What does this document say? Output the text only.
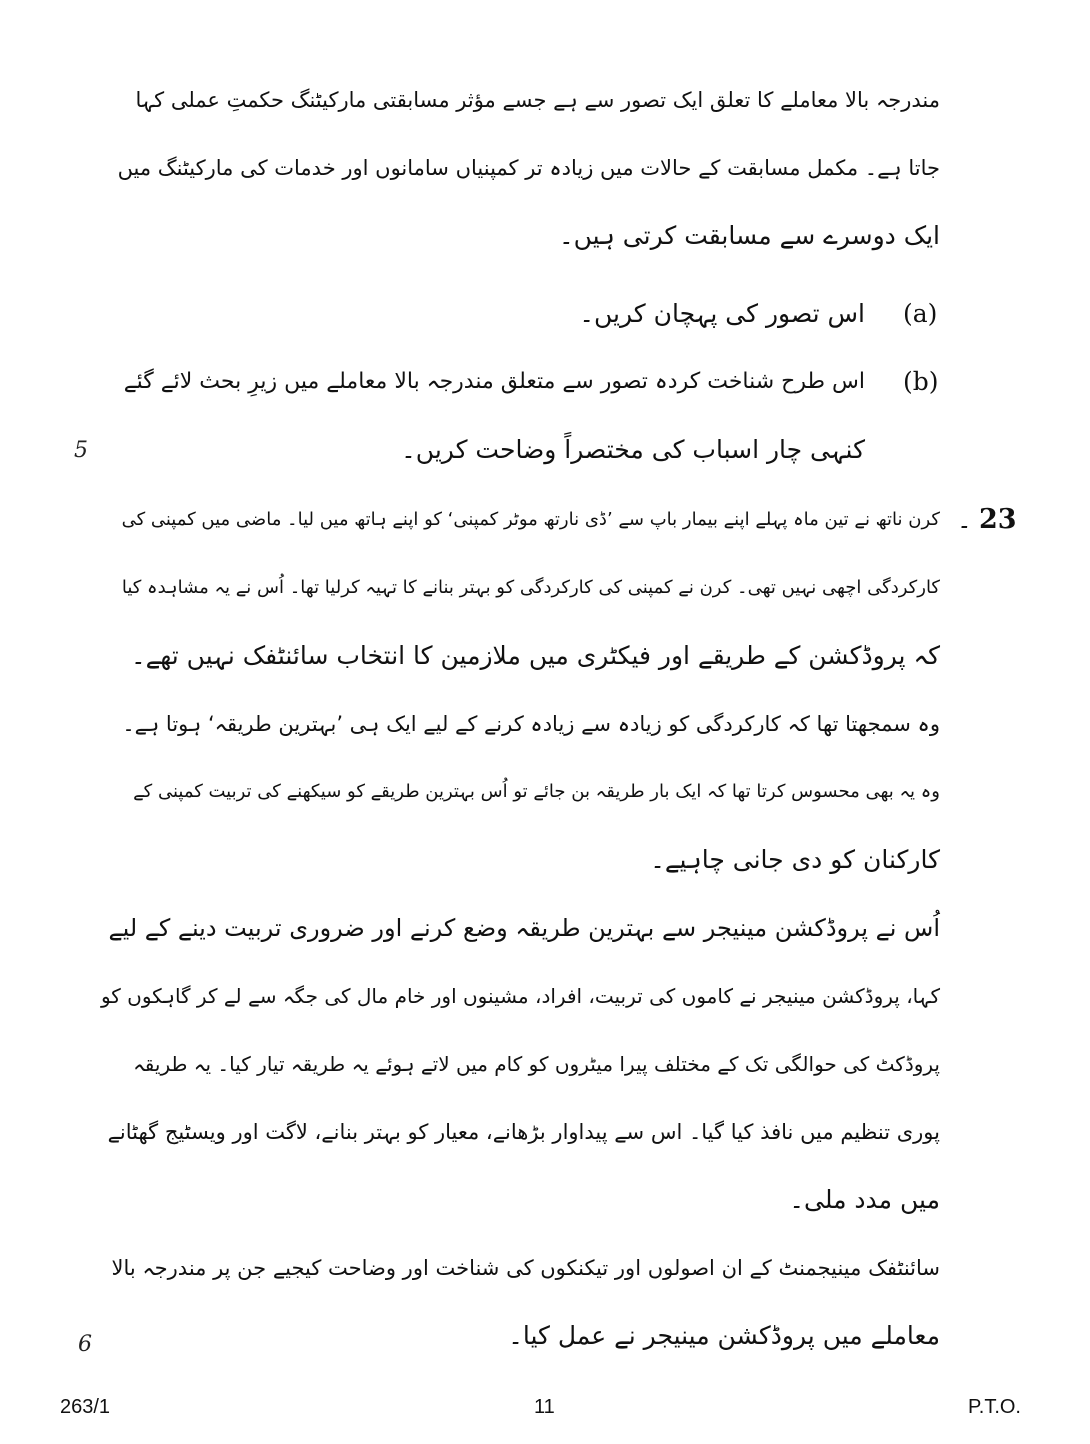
مندرجہ بالا معاملے کا تعلق ایک تصور سے ہے جسے مؤثر مسابقتی مارکیٹنگ حکمتِ عملی کہا
جاتا ہے۔ مکمل مسابقت کے حالات میں زیادہ تر کمپنیاں سامانوں اور خدمات کی مارکیٹنگ میں
ایک دوسرے سے مسابقت کرتی ہیں۔
(a)
اس تصور کی پہچان کریں۔
(b)
اس طرح شناخت کردہ تصور سے متعلق مندرجہ بالا معاملے میں زیرِ بحث لائے گئے
کنہی چار اسباب کی مختصراً وضاحت کریں۔
5
23
۔
کرن ناتھ نے تین ماہ پہلے اپنے بیمار باپ سے ’ڈی نارتھ موٹر کمپنی‘ کو اپنے ہاتھ میں لیا۔ ماضی میں کمپنی کی
کارکردگی اچھی نہیں تھی۔ کرن نے کمپنی کی کارکردگی کو بہتر بنانے کا تہیہ کرلیا تھا۔ اُس نے یہ مشاہدہ کیا
کہ پروڈکشن کے طریقے اور فیکٹری میں ملازمین کا انتخاب سائنٹفک نہیں تھے۔
وہ سمجھتا تھا کہ کارکردگی کو زیادہ سے زیادہ کرنے کے لیے ایک ہی ’بہترین طریقہ‘ ہوتا ہے۔
وہ یہ بھی محسوس کرتا تھا کہ ایک بار طریقہ بن جائے تو اُس بہترین طریقے کو سیکھنے کی تربیت کمپنی کے
کارکنان کو دی جانی چاہیے۔
اُس نے پروڈکشن مینیجر سے بہترین طریقہ وضع کرنے اور ضروری تربیت دینے کے لیے
کہا، پروڈکشن مینیجر نے کاموں کی تربیت، افراد، مشینوں اور خام مال کی جگہ سے لے کر گاہکوں کو
پروڈکٹ کی حوالگی تک کے مختلف پیرا میٹروں کو کام میں لاتے ہوئے یہ طریقہ تیار کیا۔ یہ طریقہ
پوری تنظیم میں نافذ کیا گیا۔ اس سے پیداوار بڑھانے، معیار کو بہتر بنانے، لاگت اور ویسٹیج گھٹانے
میں مدد ملی۔
سائنٹفک مینیجمنٹ کے ان اصولوں اور تیکنکوں کی شناخت اور وضاحت کیجیے جن پر مندرجہ بالا
معاملے میں پروڈکشن مینیجر نے عمل کیا۔
6
263/1	11	P.T.O.
